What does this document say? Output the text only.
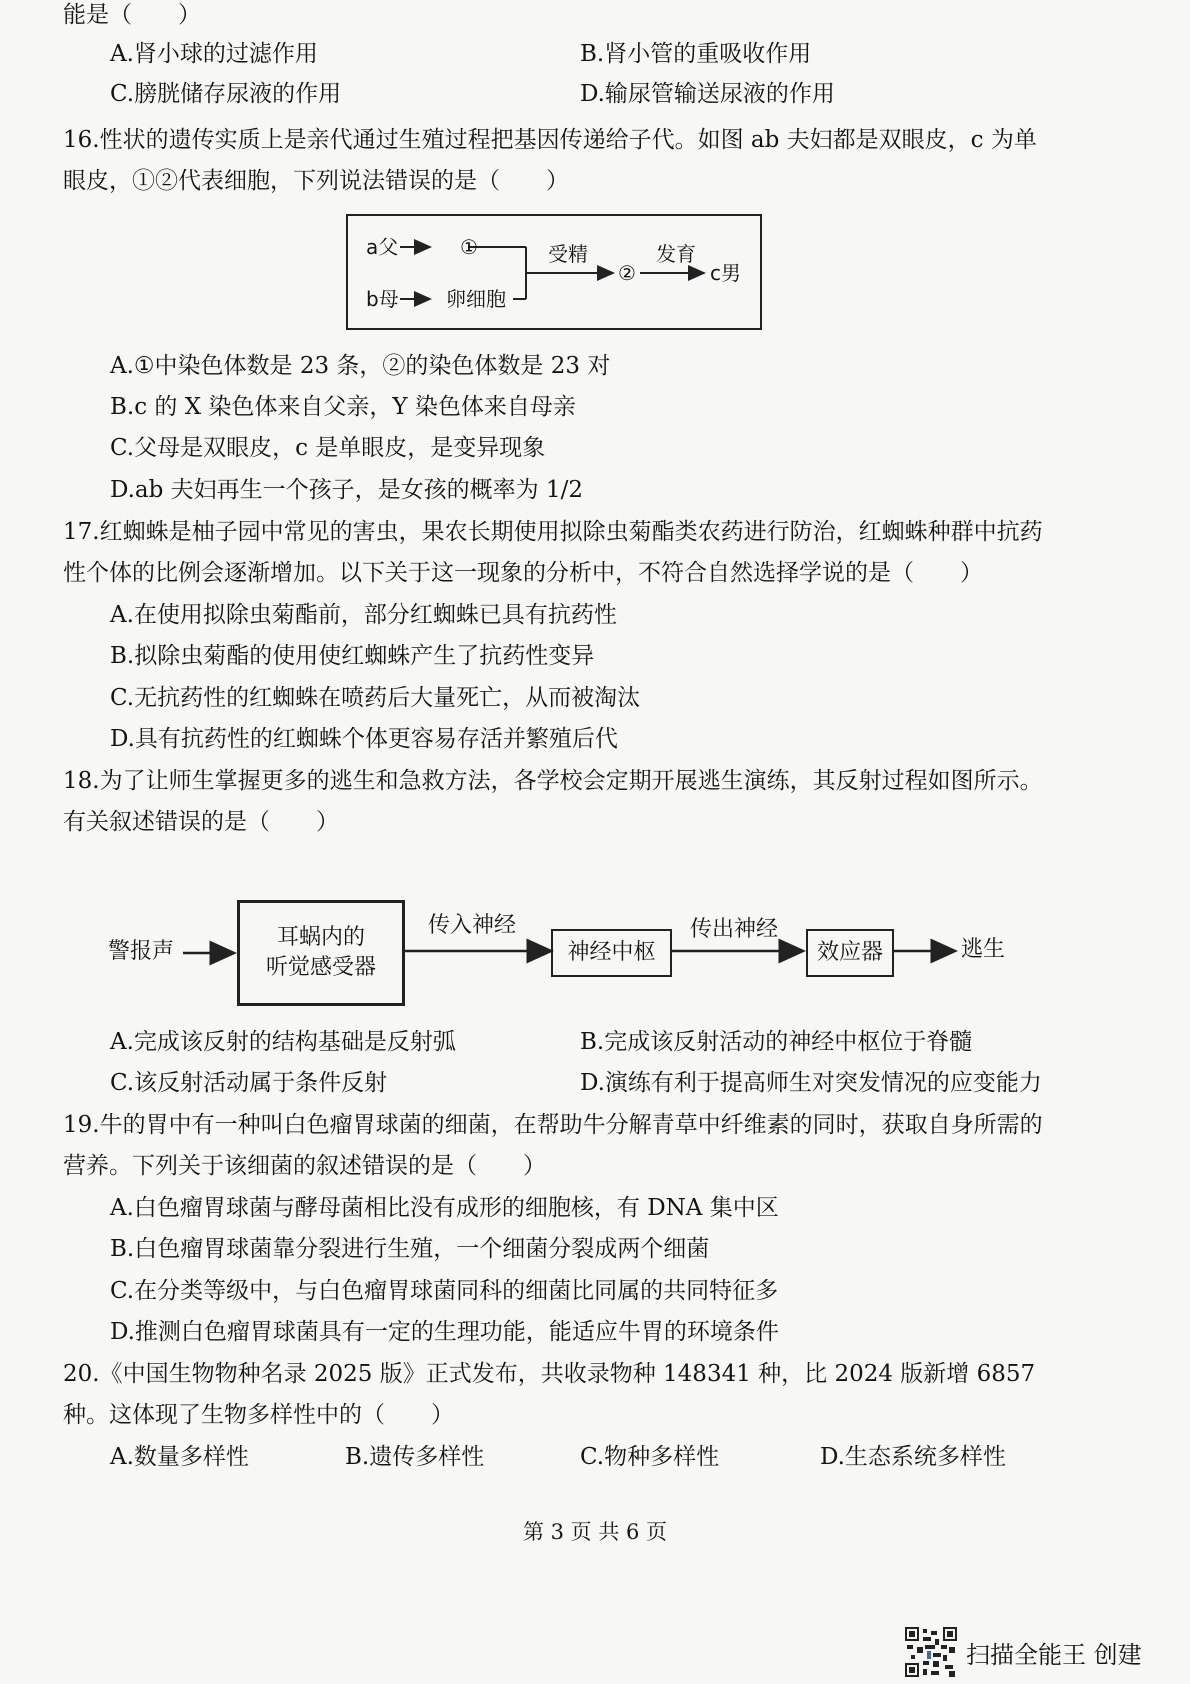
能是（　　）
A.肾小球的过滤作用	B.肾小管的重吸收作用
C.膀胱储存尿液的作用	D.输尿管输送尿液的作用
16.性状的遗传实质上是亲代通过生殖过程把基因传递给子代。如图 ab 夫妇都是双眼皮，c 为单
眼皮，①②代表细胞，下列说法错误的是（　　）
a父	①
b母 卵细胞
受精
②
发育
c男
A.①中染色体数是 23 条，②的染色体数是 23 对
B.c 的 X 染色体来自父亲，Y 染色体来自母亲
C.父母是双眼皮，c 是单眼皮，是变异现象
D.ab 夫妇再生一个孩子，是女孩的概率为 1/2
17.红蜘蛛是柚子园中常见的害虫，果农长期使用拟除虫菊酯类农药进行防治，红蜘蛛种群中抗药
性个体的比例会逐渐增加。以下关于这一现象的分析中，不符合自然选择学说的是（　　）
A.在使用拟除虫菊酯前，部分红蜘蛛已具有抗药性
B.拟除虫菊酯的使用使红蜘蛛产生了抗药性变异
C.无抗药性的红蜘蛛在喷药后大量死亡，从而被淘汰
D.具有抗药性的红蜘蛛个体更容易存活并繁殖后代
18.为了让师生掌握更多的逃生和急救方法，各学校会定期开展逃生演练，其反射过程如图所示。
有关叙述错误的是（　　）
警报声
耳蜗内的
听觉感受器
传入神经
神经中枢
传出神经
效应器	逃生
A.完成该反射的结构基础是反射弧	B.完成该反射活动的神经中枢位于脊髓
C.该反射活动属于条件反射	D.演练有利于提高师生对突发情况的应变能力
19.牛的胃中有一种叫白色瘤胃球菌的细菌，在帮助牛分解青草中纤维素的同时，获取自身所需的
营养。下列关于该细菌的叙述错误的是（　　）
A.白色瘤胃球菌与酵母菌相比没有成形的细胞核，有 DNA 集中区
B.白色瘤胃球菌靠分裂进行生殖，一个细菌分裂成两个细菌
C.在分类等级中，与白色瘤胃球菌同科的细菌比同属的共同特征多
D.推测白色瘤胃球菌具有一定的生理功能，能适应牛胃的环境条件
20.《中国生物物种名录 2025 版》正式发布，共收录物种 148341 种，比 2024 版新增 6857
种。这体现了生物多样性中的（　　）
A.数量多样性	B.遗传多样性	C.物种多样性	D.生态系统多样性
第 3 页 共 6 页
扫描全能王 创建
